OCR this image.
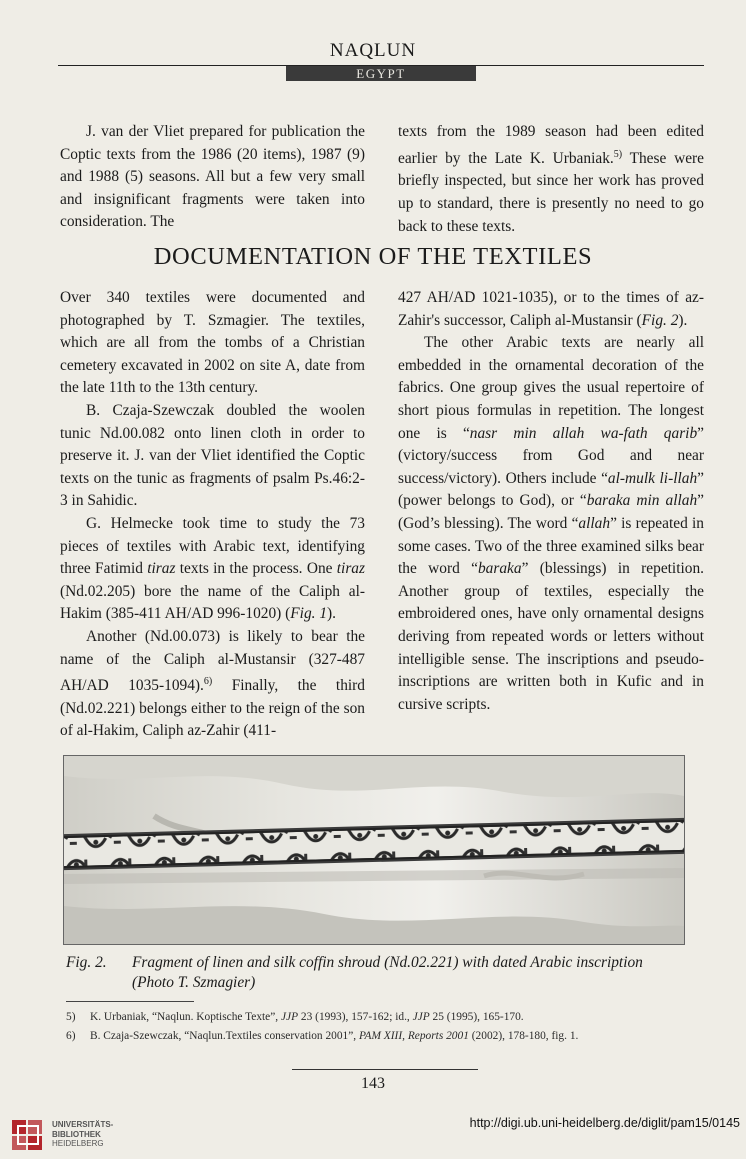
NAQLUN
EGYPT

J. van der Vliet prepared for publication the Coptic texts from the 1986 (20 items), 1987 (9) and 1988 (5) seasons. All but a few very small and insignificant fragments were taken into consideration. The

texts from the 1989 season had been edited earlier by the Late K. Urbaniak.$^{5)}$ These were briefly inspected, but since her work has proved up to standard, there is presently no need to go back to these texts.

DOCUMENTATION OF THE TEXTILES

Over 340 textiles were documented and photographed by T. Szmagier. The textiles, which are all from the tombs of a Christian cemetery excavated in 2002 on site A, date from the late 11th to the 13th century.

B. Czaja-Szewczak doubled the woolen tunic Nd.00.082 onto linen cloth in order to preserve it. J. van der Vliet identified the Coptic texts on the tunic as fragments of psalm Ps.46:2-3 in Sahidic.

G. Helmecke took time to study the 73 pieces of textiles with Arabic text, identifying three Fatimid tiraz texts in the process. One tiraz (Nd.02.205) bore the name of the Caliph al-Hakim (385-411 AH/AD 996-1020) (Fig. 1).

Another (Nd.00.073) is likely to bear the name of the Caliph al-Mustansir (327-487 AH/AD 1035-1094).$^{6)}$ Finally, the third (Nd.02.221) belongs either to the reign of the son of al-Hakim, Caliph az-Zahir (411-

427 AH/AD 1021-1035), or to the times of az-Zahir's successor, Caliph al-Mustansir (Fig. 2).

The other Arabic texts are nearly all embedded in the ornamental decoration of the fabrics. One group gives the usual repertoire of short pious formulas in repetition. The longest one is “nasr min allah wa-fath qarib” (victory/success from God and near success/victory). Others include “al-mulk li-llah” (power belongs to God), or “baraka min allah” (God’s blessing). The word “allah” is repeated in some cases. Two of the three examined silks bear the word “baraka” (blessings) in repetition. Another group of textiles, especially the embroidered ones, have only ornamental designs deriving from repeated words or letters without intelligible sense. The inscriptions and pseudo-inscriptions are written both in Kufic and in cursive scripts.

Fig. 2. Fragment of linen and silk coffin shroud (Nd.02.221) with dated Arabic inscription
(Photo T. Szmagier)
5) K. Urbaniak, “Naqlun. Koptische Texte”, JJP 23 (1993), 157-162; id., JJP 25 (1995), 165-170.
6) B. Czaja-Szewczak, “Naqlun.Textiles conservation 2001”, PAM XIII, Reports 2001 (2002), 178-180, fig. 1.
143
UNIVERSITÄTS-
BIBLIOTHEK
HEIDELBERG
http://digi.ub.uni-heidelberg.de/diglit/pam15/0145
